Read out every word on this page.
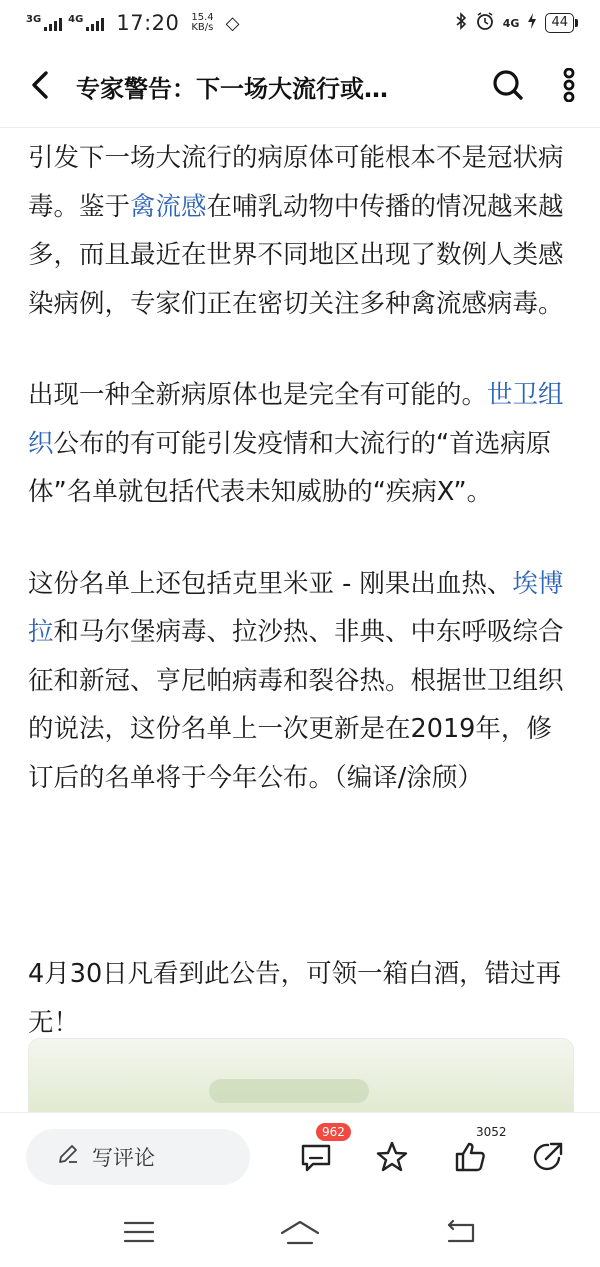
3G	4G 17:20 15.4
KB/s ◇	4G	44
专家警告：下一场大流行或…

引发下一场大流行的病原体可能根本不是冠状病毒。鉴于禽流感在哺乳动物中传播的情况越来越多，而且最近在世界不同地区出现了数例人类感染病例，专家们正在密切关注多种禽流感病毒。

出现一种全新病原体也是完全有可能的。世卫组织公布的有可能引发疫情和大流行的“首选病原体”名单就包括代表未知威胁的“疾病X”。

这份名单上还包括克里米亚 - 刚果出血热、埃博拉和马尔堡病毒、拉沙热、非典、中东呼吸综合征和新冠、亨尼帕病毒和裂谷热。根据世卫组织的说法，这份名单上一次更新是在2019年，修订后的名单将于今年公布。（编译/涂颀）

4月30日凡看到此公告，可领一箱白酒，错过再无！
写评论
962	3052
